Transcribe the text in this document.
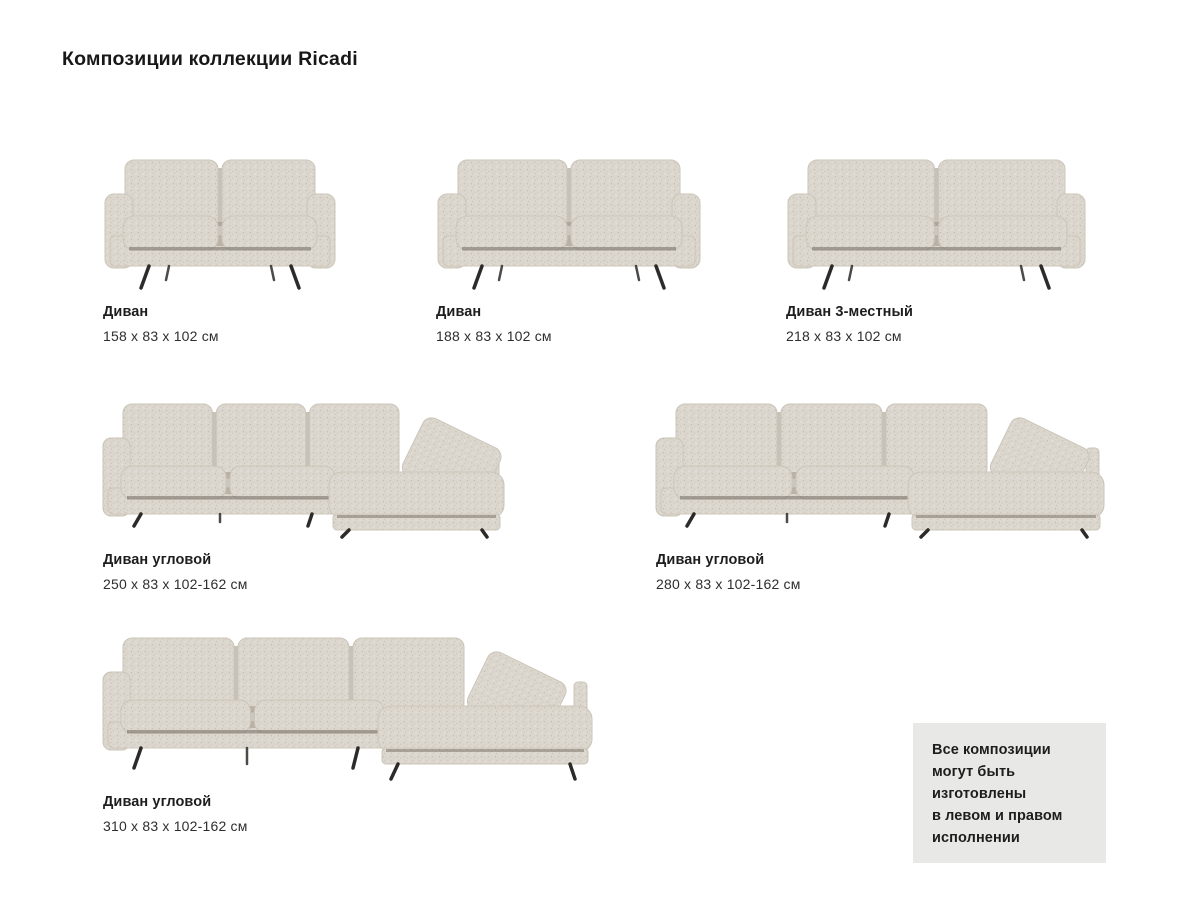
Композиции коллекции Ricadi
Диван
158 x 83 x 102 см
Диван
188 x 83 x 102 см
Диван 3-местный
218 x 83 x 102 см
Диван угловой
250 x 83 x 102-162 см
Диван угловой
280 x 83 x 102-162 см
Диван угловой
310 x 83 x 102-162 см

Все композиции
могут быть изготовлены
в левом и правом
исполнении
